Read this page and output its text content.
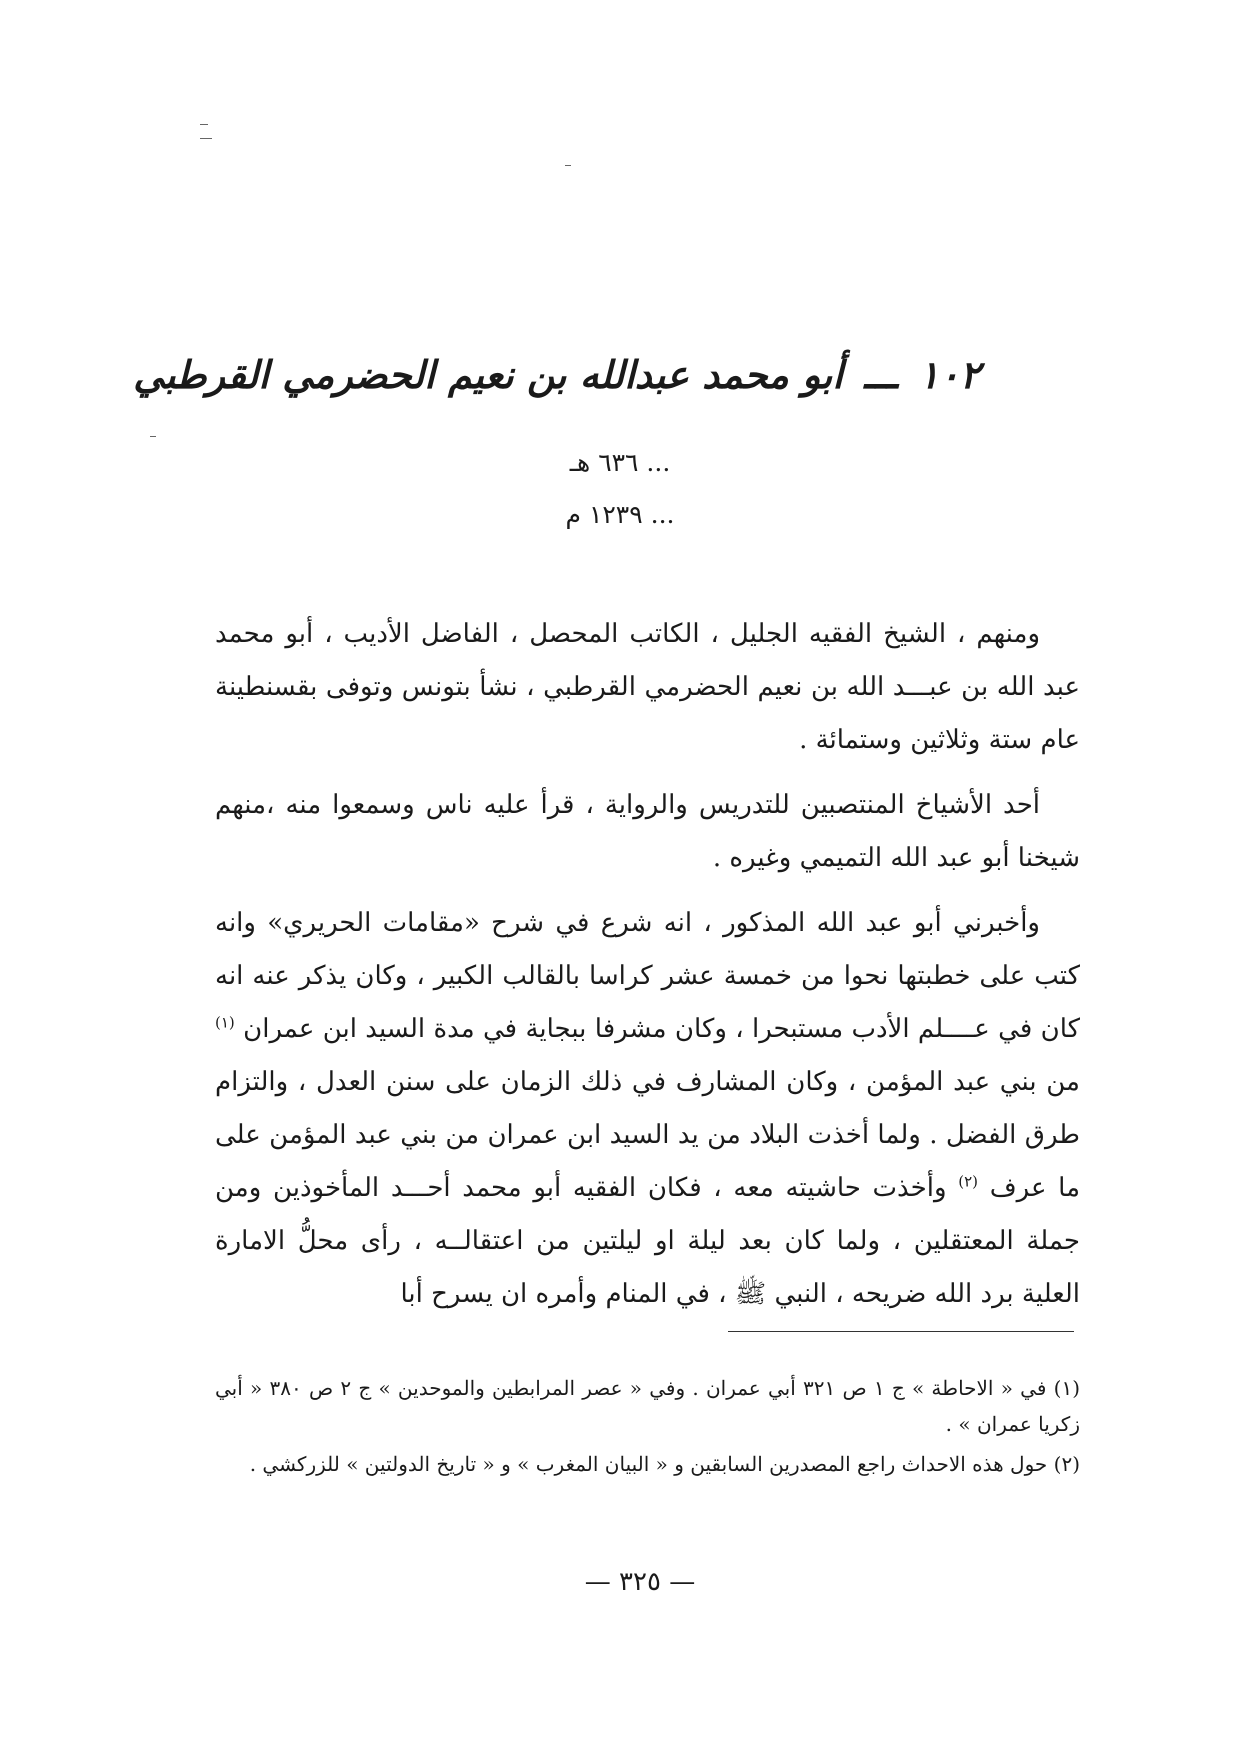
١٠٢ ـــ أبو محمد عبدالله بن نعيم الحضرمي القرطبي
... ٦٣٦ هـ
... ١٢٣٩ م

ومنهم ، الشيخ الفقيه الجليل ، الكاتب المحصل ، الفاضل الأديب ، أبو محمد عبد الله بن عبـــد الله بن نعيم الحضرمي القرطبي ، نشأ بتونس وتوفى بقسنطينة عام ستة وثلاثين وستمائة .

أحد الأشياخ المنتصبين للتدريس والرواية ، قرأ عليه ناس وسمعوا منه ،منهم شيخنا أبو عبد الله التميمي وغيره .

وأخبرني أبو عبد الله المذكور ، انه شرع في شرح «مقامات الحريري» وانه كتب على خطبتها نحوا من خمسة عشر كراسا بالقالب الكبير ، وكان يذكر عنه انه كان في عــــلم الأدب مستبحرا ، وكان مشرفا ببجاية في مدة السيد ابن عمران $^{(١)}$ من بني عبد المؤمن ، وكان المشارف في ذلك الزمان على سنن العدل ، والتزام طرق الفضل . ولما أخذت البلاد من يد السيد ابن عمران من بني عبد المؤمن على ما عرف $^{(٢)}$ وأخذت حاشيته معه ، فكان الفقيه أبو محمد أحـــد المأخوذين ومن جملة المعتقلين ، ولما كان بعد ليلة او ليلتين من اعتقالــه ، رأى محلُّ الامارة العلية برد الله ضريحه ، النبي ﷺ ، في المنام وأمره ان يسرح أبا

(١) في « الاحاطة » ج ١ ص ٣٢١ أبي عمران . وفي « عصر المرابطين والموحدين » ج ٢ ص ٣٨٠ « أبي زكريا عمران » .

(٢) حول هذه الاحداث راجع المصدرين السابقين و « البيان المغرب » و « تاريخ الدولتين » للزركشي .

— ٣٢٥ —
